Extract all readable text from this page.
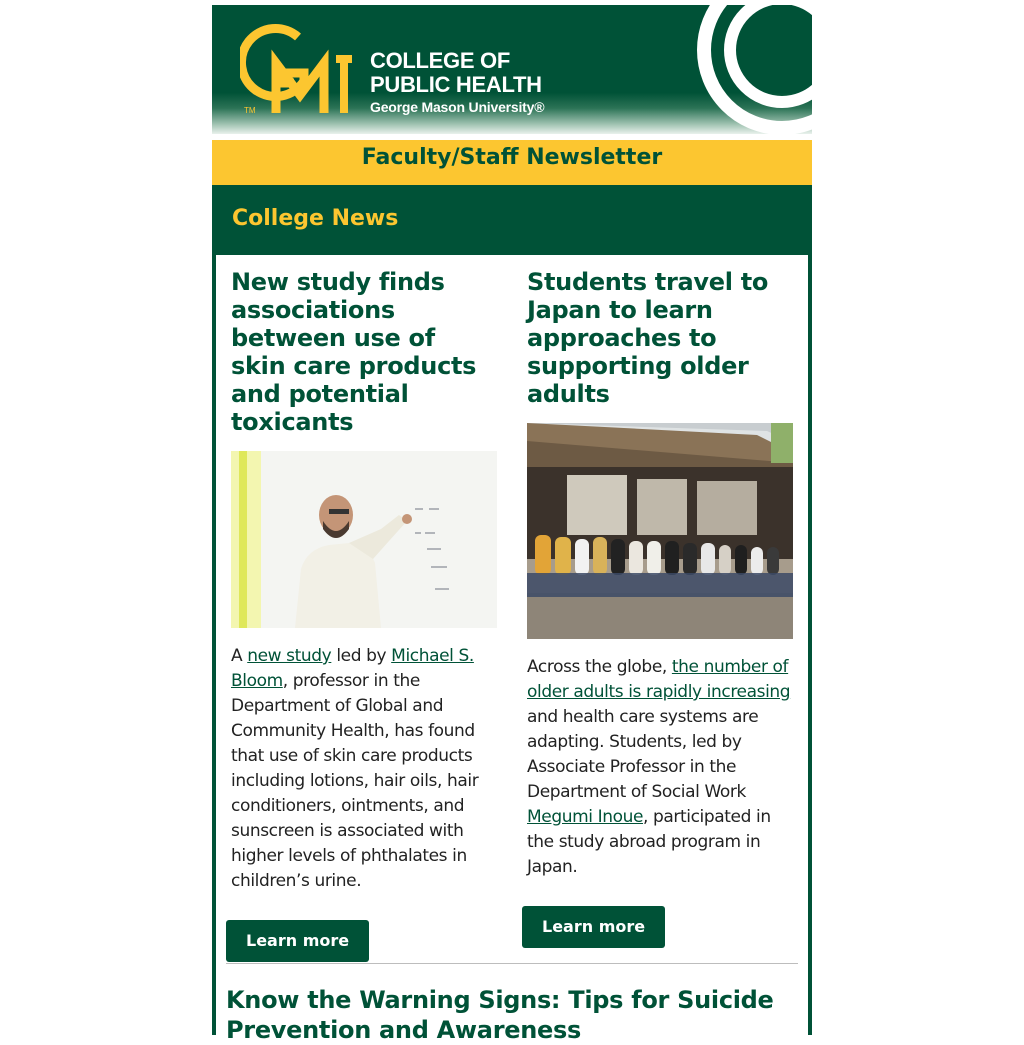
TM
COLLEGE OF
PUBLIC HEALTH
George Mason University®
Faculty/Staff Newsletter
College News
New study finds associations between use of skin care products and potential toxicants
A new study led by Michael S. Bloom, professor in the Department of Global and Community Health, has found that use of skin care products including lotions, hair oils, hair conditioners, ointments, and sunscreen is associated with higher levels of phthalates in children’s urine.
Learn more
Students travel to Japan to learn approaches to supporting older adults
Across the globe, the number of older adults is rapidly increasing and health care systems are adapting. Students, led by Associate Professor in the Department of Social Work Megumi Inoue, participated in the study abroad program in Japan.
Learn more
Know the Warning Signs: Tips for Suicide Prevention and Awareness
